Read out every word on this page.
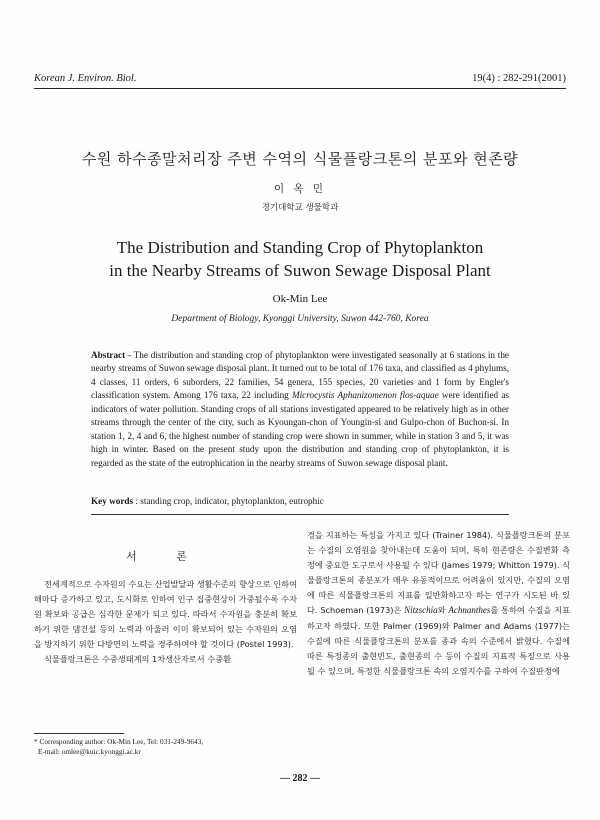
Korean J. Environ. Biol.	19(4) : 282-291(2001)
수원 하수종말처리장 주변 수역의 식물플랑크톤의 분포와 현존량
이 옥 민
경기대학교 생물학과
The Distribution and Standing Crop of Phytoplankton
in the Nearby Streams of Suwon Sewage Disposal Plant
Ok-Min Lee
Department of Biology, Kyonggi University, Suwon 442-760, Korea
Abstract - The distribution and standing crop of phytoplankton were investigated seasonally at 6 stations in the nearby streams of Suwon sewage disposal plant. It turned out to be total of 176 taxa, and classified as 4 phylums, 4 classes, 11 orders, 6 suborders, 22 families, 54 genera, 155 species, 20 varieties and 1 form by Engler's classification system. Among 176 taxa, 22 including Microcystis Aphanizomenon flos-aquae were identified as indicators of water pollution. Standing crops of all stations investigated appeared to be relatively high as in other streams through the center of the city, such as Kyoungan-chon of Youngin-si and Gulpo-chon of Buchon-si. In station 1, 2, 4 and 6, the highest number of standing crop were shown in summer, while in station 3 and 5, it was high in winter. Based on the present study upon the distribution and standing crop of phytoplankton, it is regarded as the state of the eutrophication in the nearby streams of Suwon sewage disposal plant.
Key words : standing crop, indicator, phytoplankton, eutrophic
서 론

전세계적으로 수자원의 수요는 산업발달과 생활수준의 향상으로 인하여 해마다 증가하고 있고, 도시화로 인하여 인구 집중현상이 가중될수록 수자원 확보와 공급은 심각한 문제가 되고 있다. 따라서 수자원을 충분히 확보하기 위한 댐건설 등의 노력과 아울러 이미 확보되어 있는 수자원의 오염을 방지하기 위한 다방면의 노력을 경주하여야 할 것이다 (Postel 1993).

식물플랑크톤은 수중생태계의 1차생산자로서 수중환

경을 지표하는 특성을 가지고 있다 (Trainer 1984). 식물플랑크톤의 분포는 수질의 오염원을 찾아내는데 도움이 되며, 특히 현존량은 수질변화 측정에 중요한 도구로서 사용될 수 있다 (James 1979; Whitton 1979). 식물플랑크톤의 종분포가 매우 유동적이므로 어려움이 있지만, 수질의 오염에 따른 식물플랑크톤의 지표를 일반화하고자 하는 연구가 시도된 바 있다. Schoeman (1973)은 Nitzschia와 Achnanthes를 통하여 수질을 지표하고자 하였다. 또한 Palmer (1969)와 Palmer and Adams (1977)는 수질에 따른 식물플랑크톤의 분포를 종과 속의 수준에서 밝혔다. 수질에 따른 특정종의 출현빈도, 출현종의 수 등이 수질의 지표적 특징으로 사용될 수 있으며, 특정한 식물플랑크톤 속의 오염지수를 구하여 수질판정에

* Corresponding author: Ok-Min Lee, Tel: 031-249-9643,
E-mail: omlee@kuic.kyonggi.ac.kr
— 282 —
